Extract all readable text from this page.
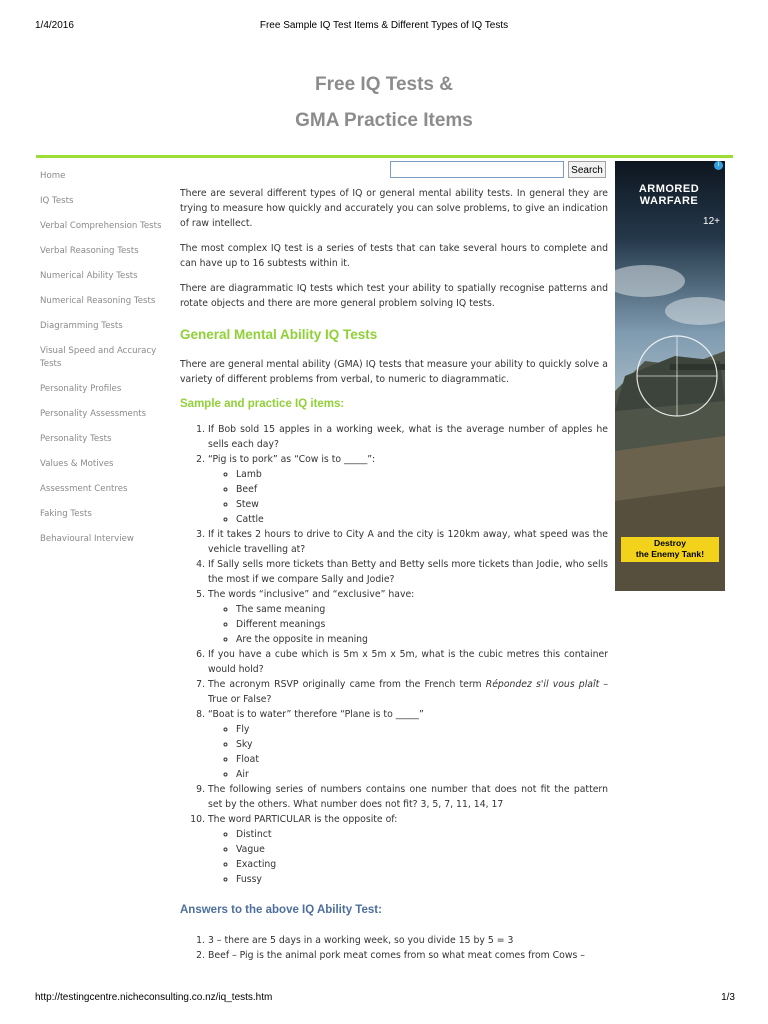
1/4/2016	Free Sample IQ Test Items & Different Types of IQ Tests
Free IQ Tests &
GMA Practice Items
Home
IQ Tests
Verbal Comprehension Tests
Verbal Reasoning Tests
Numerical Ability Tests
Numerical Reasoning Tests
Diagramming Tests
Visual Speed and Accuracy Tests
Personality Profiles
Personality Assessments
Personality Tests
Values & Motives
Assessment Centres
Faking Tests
Behavioural Interview
Search

There are several different types of IQ or general mental ability tests. In general they are trying to measure how quickly and accurately you can solve problems, to give an indication of raw intellect.

The most complex IQ test is a series of tests that can take several hours to complete and can have up to 16 subtests within it.

There are diagrammatic IQ tests which test your ability to spatially recognise patterns and rotate objects and there are more general problem solving IQ tests.

General Mental Ability IQ Tests

There are general mental ability (GMA) IQ tests that measure your ability to quickly solve a variety of different problems from verbal, to numeric to diagrammatic.

Sample and practice IQ items:
1. If Bob sold 15 apples in a working week, what is the average number of apples he sells each day?
2. “Pig is to pork” as “Cow is to _____”:
◦ Lamb
◦ Beef
◦ Stew
◦ Cattle
3. If it takes 2 hours to drive to City A and the city is 120km away, what speed was the vehicle travelling at?
4. If Sally sells more tickets than Betty and Betty sells more tickets than Jodie, who sells the most if we compare Sally and Jodie?
5. The words “inclusive” and “exclusive” have:
◦ The same meaning
◦ Different meanings
◦ Are the opposite in meaning
6. If you have a cube which is 5m x 5m x 5m, what is the cubic metres this container would hold?
7. The acronym RSVP originally came from the French term Répondez s'il vous plaît – True or False?
8. “Boat is to water” therefore “Plane is to _____”
◦ Fly
◦ Sky
◦ Float
◦ Air
9. The following series of numbers contains one number that does not fit the pattern set by the others. What number does not fit? 3, 5, 7, 11, 14, 17
10. The word PARTICULAR is the opposite of:
◦ Distinct
◦ Vague
◦ Exacting
◦ Fussy
Answers to the above IQ Ability Test:
1. 3 – there are 5 days in a working week, so you divide 15 by 5 = 3
2. Beef – Pig is the animal pork meat comes from so what meat comes from Cows –
i
ARMORED
WARFARE
12+
Destroy
the Enemy Tank!
http://testingcentre.nicheconsulting.co.nz/iq_tests.htm	1/3
